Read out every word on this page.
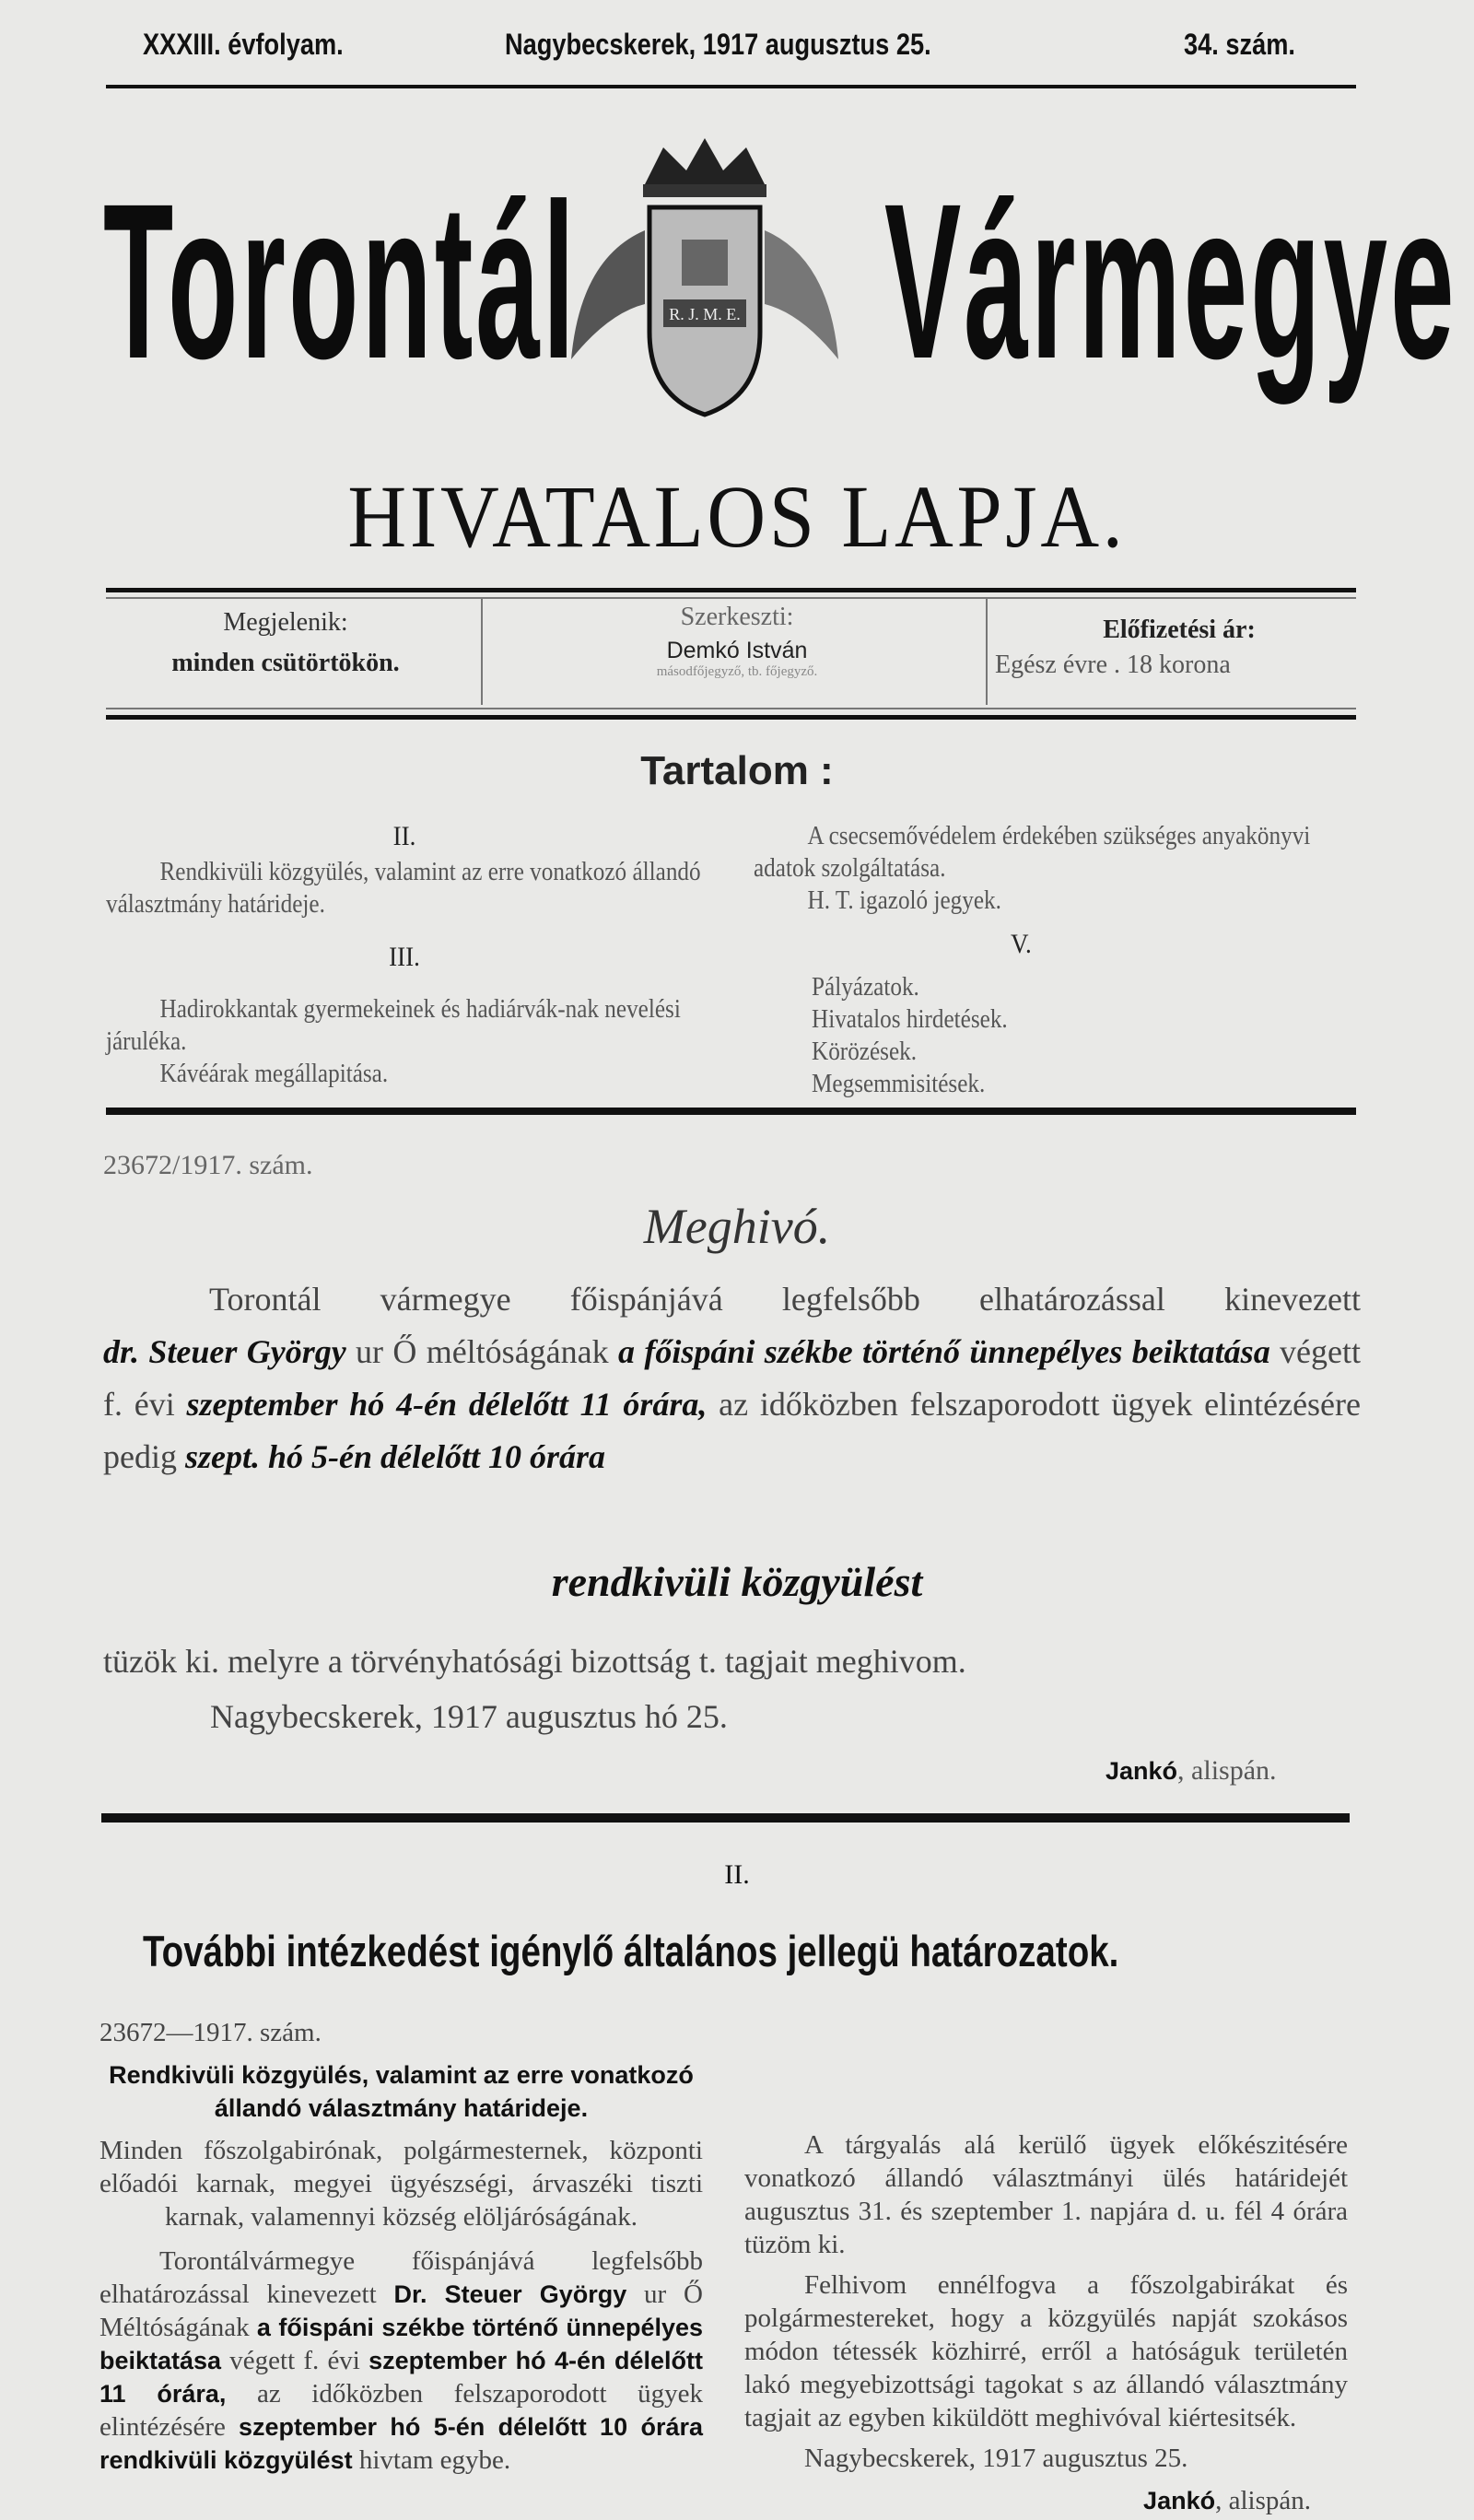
XXXIII. évfolyam.	Nagybecskerek, 1917 augusztus 25.	34. szám.
Torontál Vármegye
R. J. M. E.
HIVATALOS LAPJA.
Megjelenik:
minden csütörtökön.
Szerkeszti:
Demkó István
másodfőjegyző, tb. főjegyző.
Előfizetési ár:
Egész évre . 18 korona
Tartalom :
II.
Rendkivüli közgyülés, valamint az erre vonatkozó állandó választmány határideje.
III.
Hadirokkantak gyermekeinek és hadiárvák-nak nevelési járuléka.
Kávéárak megállapitása.
A csecsemővédelem érdekében szükséges anyakönyvi adatok szolgáltatása.
H. T. igazoló jegyek.
V.
Pályázatok.
Hivatalos hirdetések.
Körözések.
Megsemmisitések.
23672/1917. szám.
Meghivó.

Torontál vármegye főispánjává legfelsőbb elhatározással kinevezett

dr. Steuer György ur Ő méltóságának a főispáni székbe történő ünnepélyes beiktatása végett f. évi szeptember hó 4-én délelőtt 11 órára, az időközben felszaporodott ügyek elintézésére pedig szept. hó 5-én délelőtt 10 órára

rendkivüli közgyülést
tüzök ki. melyre a törvényhatósági bizottság t. tagjait meghivom.
Nagybecskerek, 1917 augusztus hó 25.
Jankó, alispán.
II.
További intézkedést igénylő általános jellegü határozatok.

23672—1917. szám.

Rendkivüli közgyülés, valamint az erre vonatkozó állandó választmány határideje.

Minden főszolgabirónak, polgármesternek, központi előadói karnak, megyei ügyészségi, árvaszéki tiszti karnak, valamennyi község elöljáróságának.

Torontálvármegye főispánjává legfelsőbb elhatározással kinevezett Dr. Steuer György ur Ő Méltóságának a főispáni székbe történő ünnepélyes beiktatása végett f. évi szeptember hó 4-én délelőtt 11 órára, az időközben felszaporodott ügyek elintézésére szeptember hó 5-én délelőtt 10 órára rendkivüli közgyülést hivtam egybe.

A tárgyalás alá kerülő ügyek előkészitésére vonatkozó állandó választmányi ülés határidejét augusztus 31. és szeptember 1. napjára d. u. fél 4 órára tüzöm ki.

Felhivom ennélfogva a főszolgabirákat és polgármestereket, hogy a közgyülés napját szokásos módon tétessék közhirré, erről a hatóságuk területén lakó megyebizottsági tagokat s az állandó választmány tagjait az egyben kiküldött meghivóval kiértesitsék.

Nagybecskerek, 1917 augusztus 25.

Jankó, alispán.
